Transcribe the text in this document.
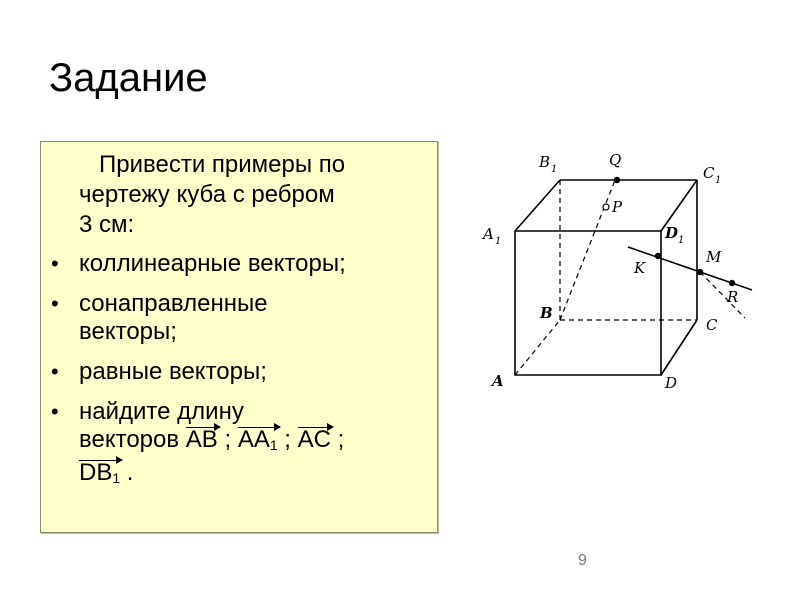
Задание
Привести примеры по
чертежу куба с ребром
3 см:
• коллинеарные векторы;
• сонаправленные
векторы;
• равные векторы;
• найдите длину
векторов AB ; $AA_1$ ; AC ;
$DB_1$ .
B 1
Q
C 1
P
A 1	D 1
K
M
R
B
C
A	D
9
